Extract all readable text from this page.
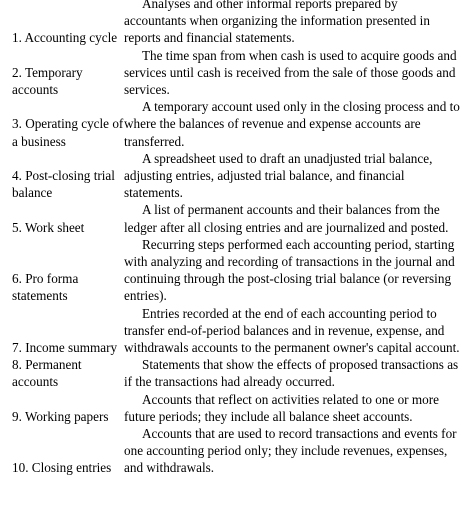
1. Accounting cycle
Analyses and other informal reports prepared by accountants when organizing the information presented in reports and financial statements.
2. Temporary accounts
The time span from when cash is used to acquire goods and services until cash is received from the sale of those goods and services.
3. Operating cycle of a business
A temporary account used only in the closing process and to where the balances of revenue and expense accounts are transferred.
4. Post-closing trial balance
A spreadsheet used to draft an unadjusted trial balance, adjusting entries, adjusted trial balance, and financial statements.
5. Work sheet
A list of permanent accounts and their balances from the ledger after all closing entries and are journalized and posted.
6. Pro forma statements
Recurring steps performed each accounting period, starting with analyzing and recording of transactions in the journal and continuing through the post-closing trial balance (or reversing entries).
7. Income summary
Entries recorded at the end of each accounting period to transfer end-of-period balances and in revenue, expense, and withdrawals accounts to the permanent owner's capital account.
8. Permanent accounts
Statements that show the effects of proposed transactions as if the transactions had already occurred.
9. Working papers
Accounts that reflect on activities related to one or more future periods; they include all balance sheet accounts.
10. Closing entries
Accounts that are used to record transactions and events for one accounting period only; they include revenues, expenses, and withdrawals.
